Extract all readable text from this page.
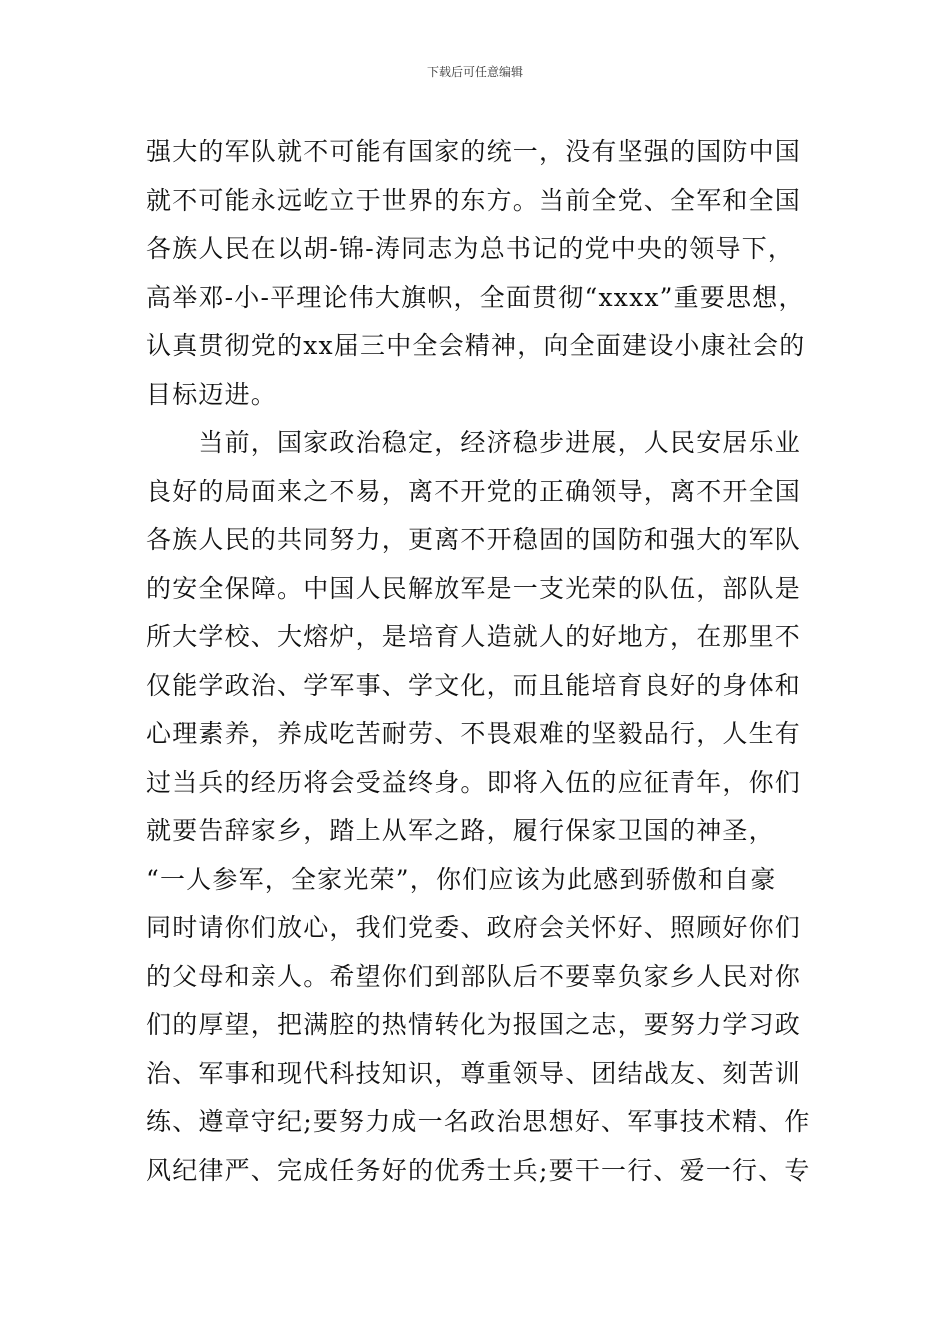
下载后可任意编辑
强大的军队就不可能有国家的统一，没有坚强的国防中国
就不可能永远屹立于世界的东方。当前全党、全军和全国
各族人民在以胡-锦-涛同志为总书记的党中央的领导下，
高举邓-小-平理论伟大旗帜，全面贯彻“xxxx”重要思想，
认真贯彻党的xx届三中全会精神，向全面建设小康社会的
目标迈进。
　　当前，国家政治稳定，经济稳步进展，人民安居乐业
良好的局面来之不易，离不开党的正确领导，离不开全国
各族人民的共同努力，更离不开稳固的国防和强大的军队
的安全保障。中国人民解放军是一支光荣的队伍，部队是
所大学校、大熔炉，是培育人造就人的好地方，在那里不
仅能学政治、学军事、学文化，而且能培育良好的身体和
心理素养，养成吃苦耐劳、不畏艰难的坚毅品行，人生有
过当兵的经历将会受益终身。即将入伍的应征青年，你们
就要告辞家乡，踏上从军之路，履行保家卫国的神圣，
“一人参军，全家光荣”，你们应该为此感到骄傲和自豪
同时请你们放心，我们党委、政府会关怀好、照顾好你们
的父母和亲人。希望你们到部队后不要辜负家乡人民对你
们的厚望，把满腔的热情转化为报国之志，要努力学习政
治、军事和现代科技知识，尊重领导、团结战友、刻苦训
练、遵章守纪;要努力成一名政治思想好、军事技术精、作
风纪律严、完成任务好的优秀士兵;要干一行、爱一行、专
